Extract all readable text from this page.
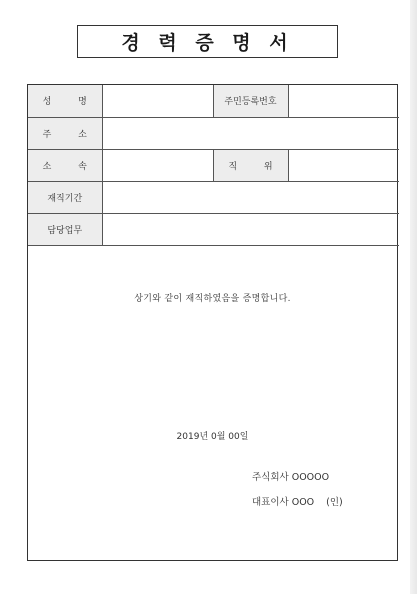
경 력 증 명 서
성 명		주민등록번호	
주 소			
소 속		직 위	
재직기간			
담당업무			
상기와 같이 재직하였음을 증명합니다.
2019년 0월 00일
주식회사 OOOOO
대표이사 OOO (인)
